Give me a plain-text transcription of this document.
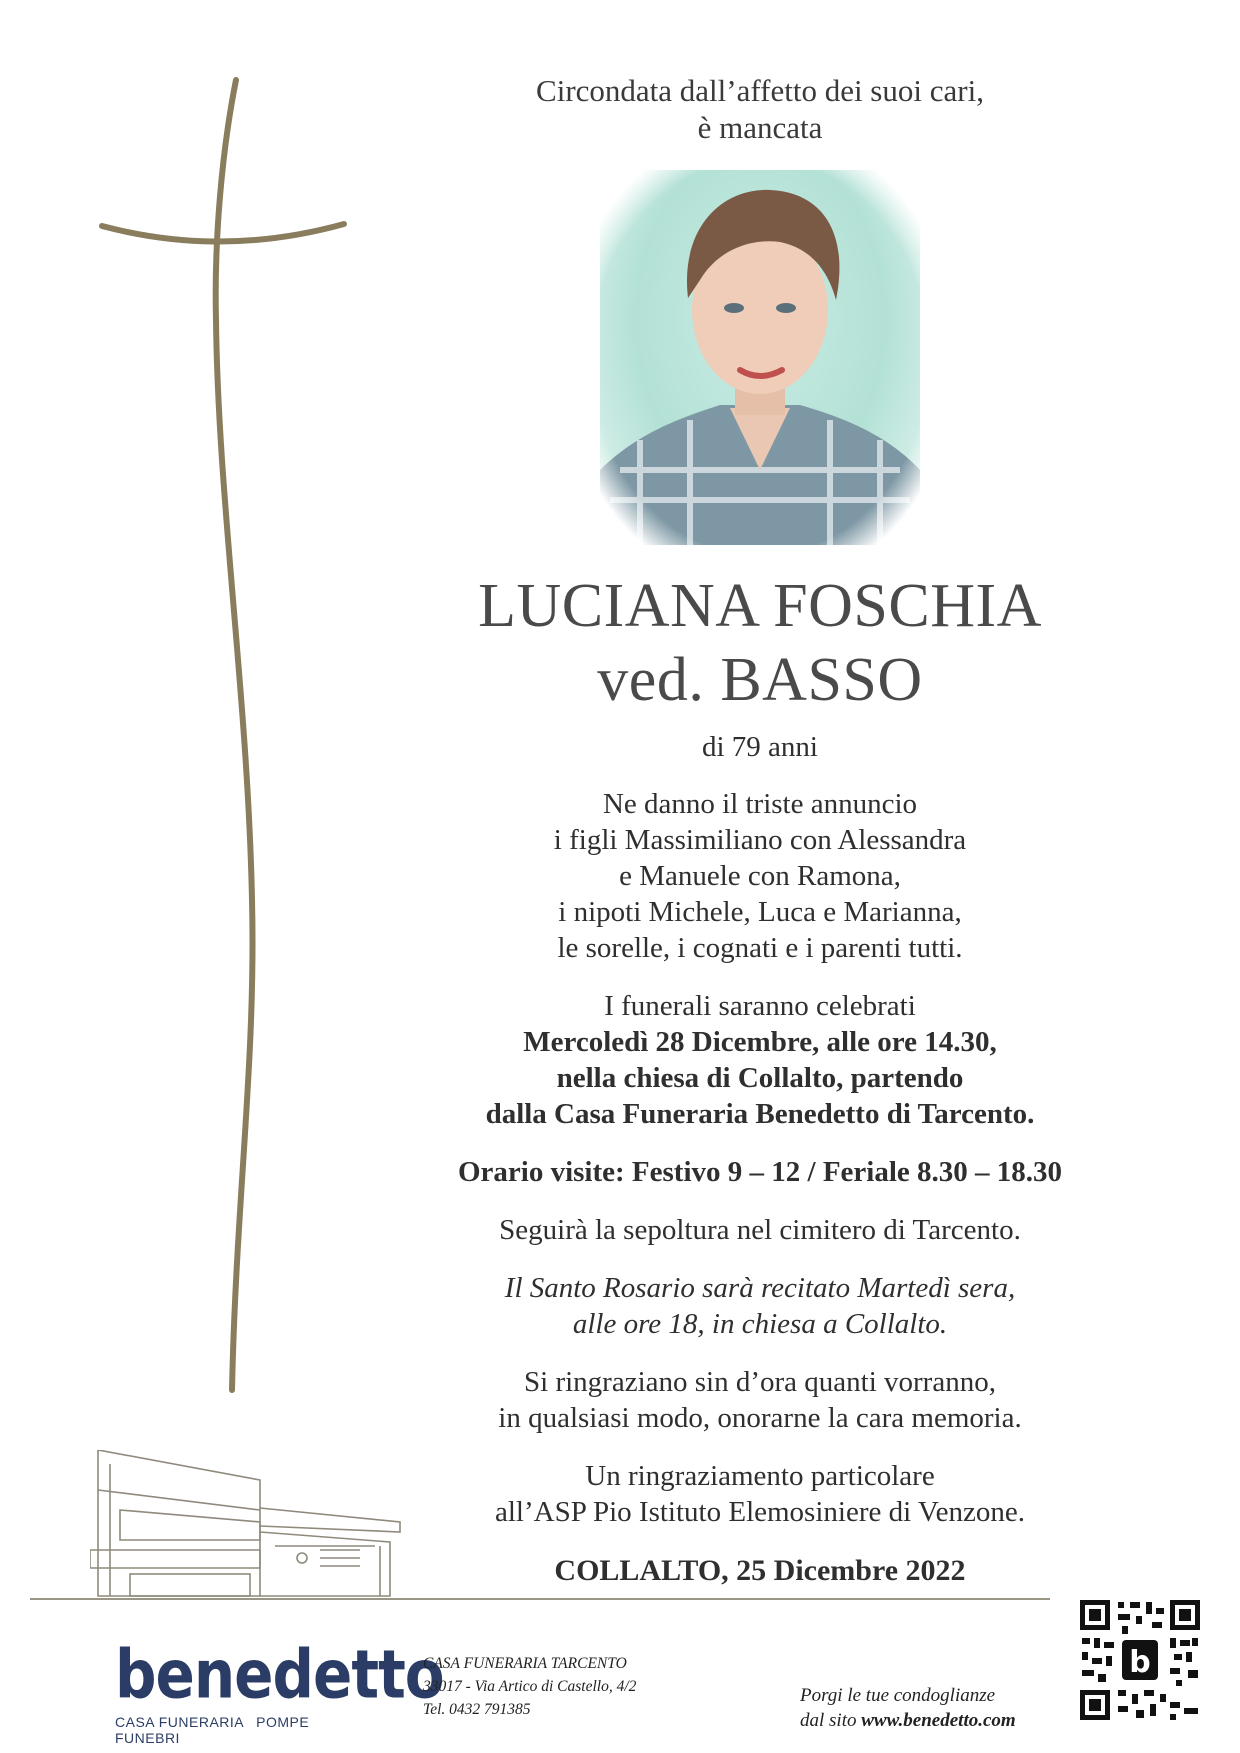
Circondata dall’affetto dei suoi cari,
è mancata
LUCIANA FOSCHIA
ved. BASSO
di 79 anni

Ne danno il triste annuncio

i figli Massimiliano con Alessandra

e Manuele con Ramona,

i nipoti Michele, Luca e Marianna,

le sorelle, i cognati e i parenti tutti.

I funerali saranno celebrati

Mercoledì 28 Dicembre, alle ore 14.30,

nella chiesa di Collalto, partendo

dalla Casa Funeraria Benedetto di Tarcento.

Orario visite: Festivo 9 – 12 / Feriale 8.30 – 18.30
Seguirà la sepoltura nel cimitero di Tarcento.

Il Santo Rosario sarà recitato Martedì sera,

alle ore 18, in chiesa a Collalto.

Si ringraziano sin d’ora quanti vorranno,

in qualsiasi modo, onorarne la cara memoria.

Un ringraziamento particolare

all’ASP Pio Istituto Elemosiniere di Venzone.

COLLALTO, 25 Dicembre 2022
benedetto
CASA FUNERARIA POMPE FUNEBRI

CASA FUNERARIA TARCENTO

33017 - Via Artico di Castello, 4/2

Tel. 0432 791385

Porgi le tue condoglianze

dal sito www.benedetto.com

b
